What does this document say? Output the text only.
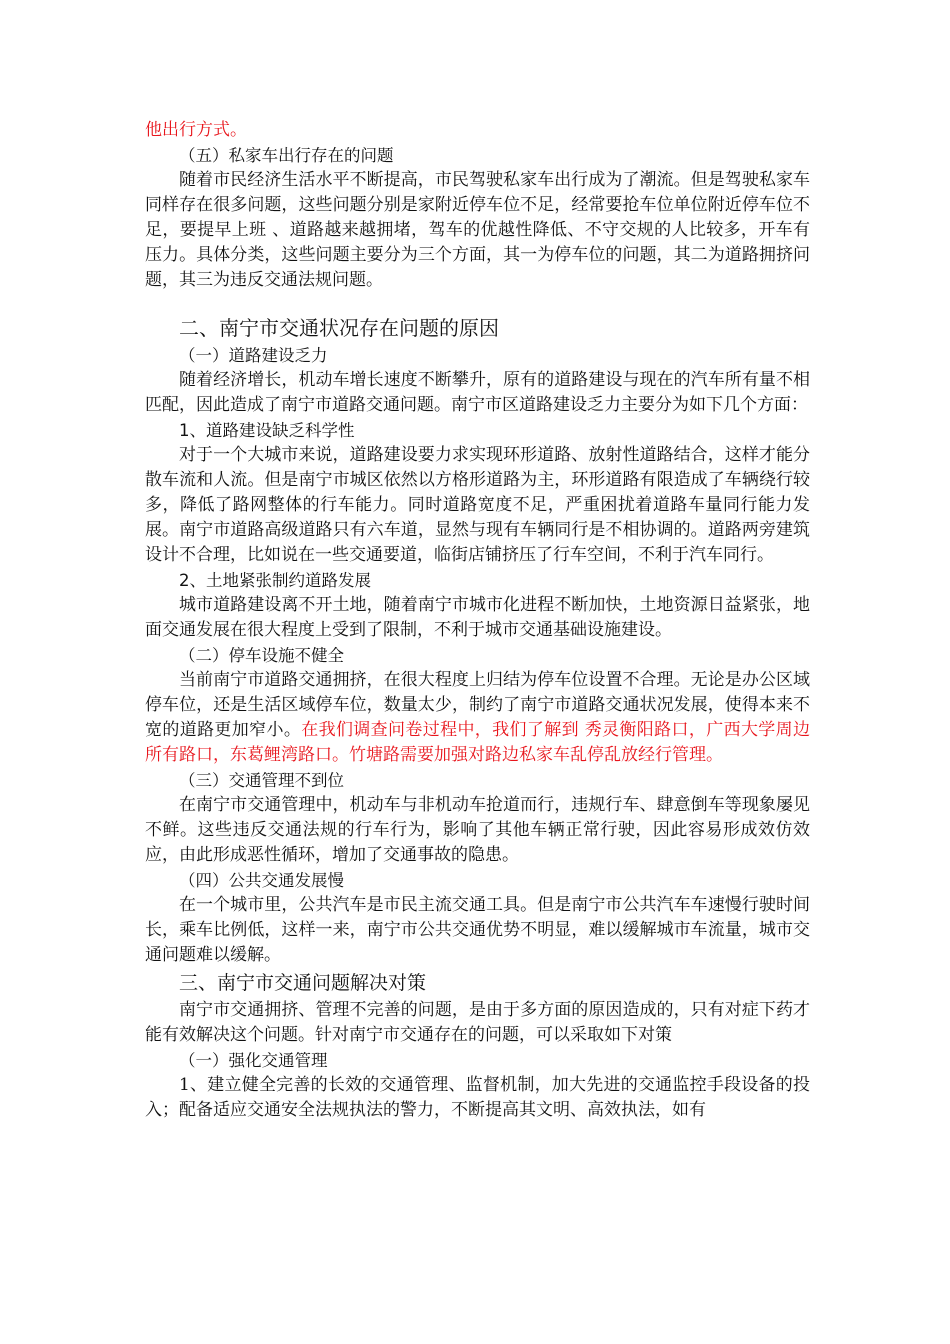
他出行方式。

（五）私家车出行存在的问题

随着市民经济生活水平不断提高，市民驾驶私家车出行成为了潮流。但是驾驶私家车同样存在很多问题，这些问题分别是家附近停车位不足，经常要抢车位单位附近停车位不足，要提早上班 、道路越来越拥堵，驾车的优越性降低、不守交规的人比较多，开车有压力。具体分类，这些问题主要分为三个方面，其一为停车位的问题，其二为道路拥挤问题，其三为违反交通法规问题。

二、南宁市交通状况存在问题的原因

（一）道路建设乏力

随着经济增长，机动车增长速度不断攀升，原有的道路建设与现在的汽车所有量不相匹配，因此造成了南宁市道路交通问题。南宁市区道路建设乏力主要分为如下几个方面：

1、道路建设缺乏科学性

对于一个大城市来说，道路建设要力求实现环形道路、放射性道路结合，这样才能分散车流和人流。但是南宁市城区依然以方格形道路为主，环形道路有限造成了车辆绕行较多，降低了路网整体的行车能力。同时道路宽度不足，严重困扰着道路车量同行能力发展。南宁市道路高级道路只有六车道，显然与现有车辆同行是不相协调的。道路两旁建筑设计不合理，比如说在一些交通要道，临街店铺挤压了行车空间，不利于汽车同行。

2、土地紧张制约道路发展

城市道路建设离不开土地，随着南宁市城市化进程不断加快，土地资源日益紧张，地面交通发展在很大程度上受到了限制，不利于城市交通基础设施建设。

（二）停车设施不健全

当前南宁市道路交通拥挤，在很大程度上归结为停车位设置不合理。无论是办公区域停车位，还是生活区域停车位，数量太少，制约了南宁市道路交通状况发展，使得本来不宽的道路更加窄小。在我们调查问卷过程中，我们了解到 秀灵衡阳路口，广西大学周边所有路口，东葛鲤湾路口。竹塘路需要加强对路边私家车乱停乱放经行管理。

（三）交通管理不到位

在南宁市交通管理中，机动车与非机动车抢道而行，违规行车、肆意倒车等现象屡见不鲜。这些违反交通法规的行车行为，影响了其他车辆正常行驶，因此容易形成效仿效应，由此形成恶性循环，增加了交通事故的隐患。

（四）公共交通发展慢

在一个城市里，公共汽车是市民主流交通工具。但是南宁市公共汽车车速慢行驶时间长，乘车比例低，这样一来，南宁市公共交通优势不明显，难以缓解城市车流量，城市交通问题难以缓解。

三、南宁市交通问题解决对策

南宁市交通拥挤、管理不完善的问题，是由于多方面的原因造成的，只有对症下药才能有效解决这个问题。针对南宁市交通存在的问题，可以采取如下对策

（一）强化交通管理

1、建立健全完善的长效的交通管理、监督机制，加大先进的交通监控手段设备的投入；配备适应交通安全法规执法的警力，不断提高其文明、高效执法，如有
